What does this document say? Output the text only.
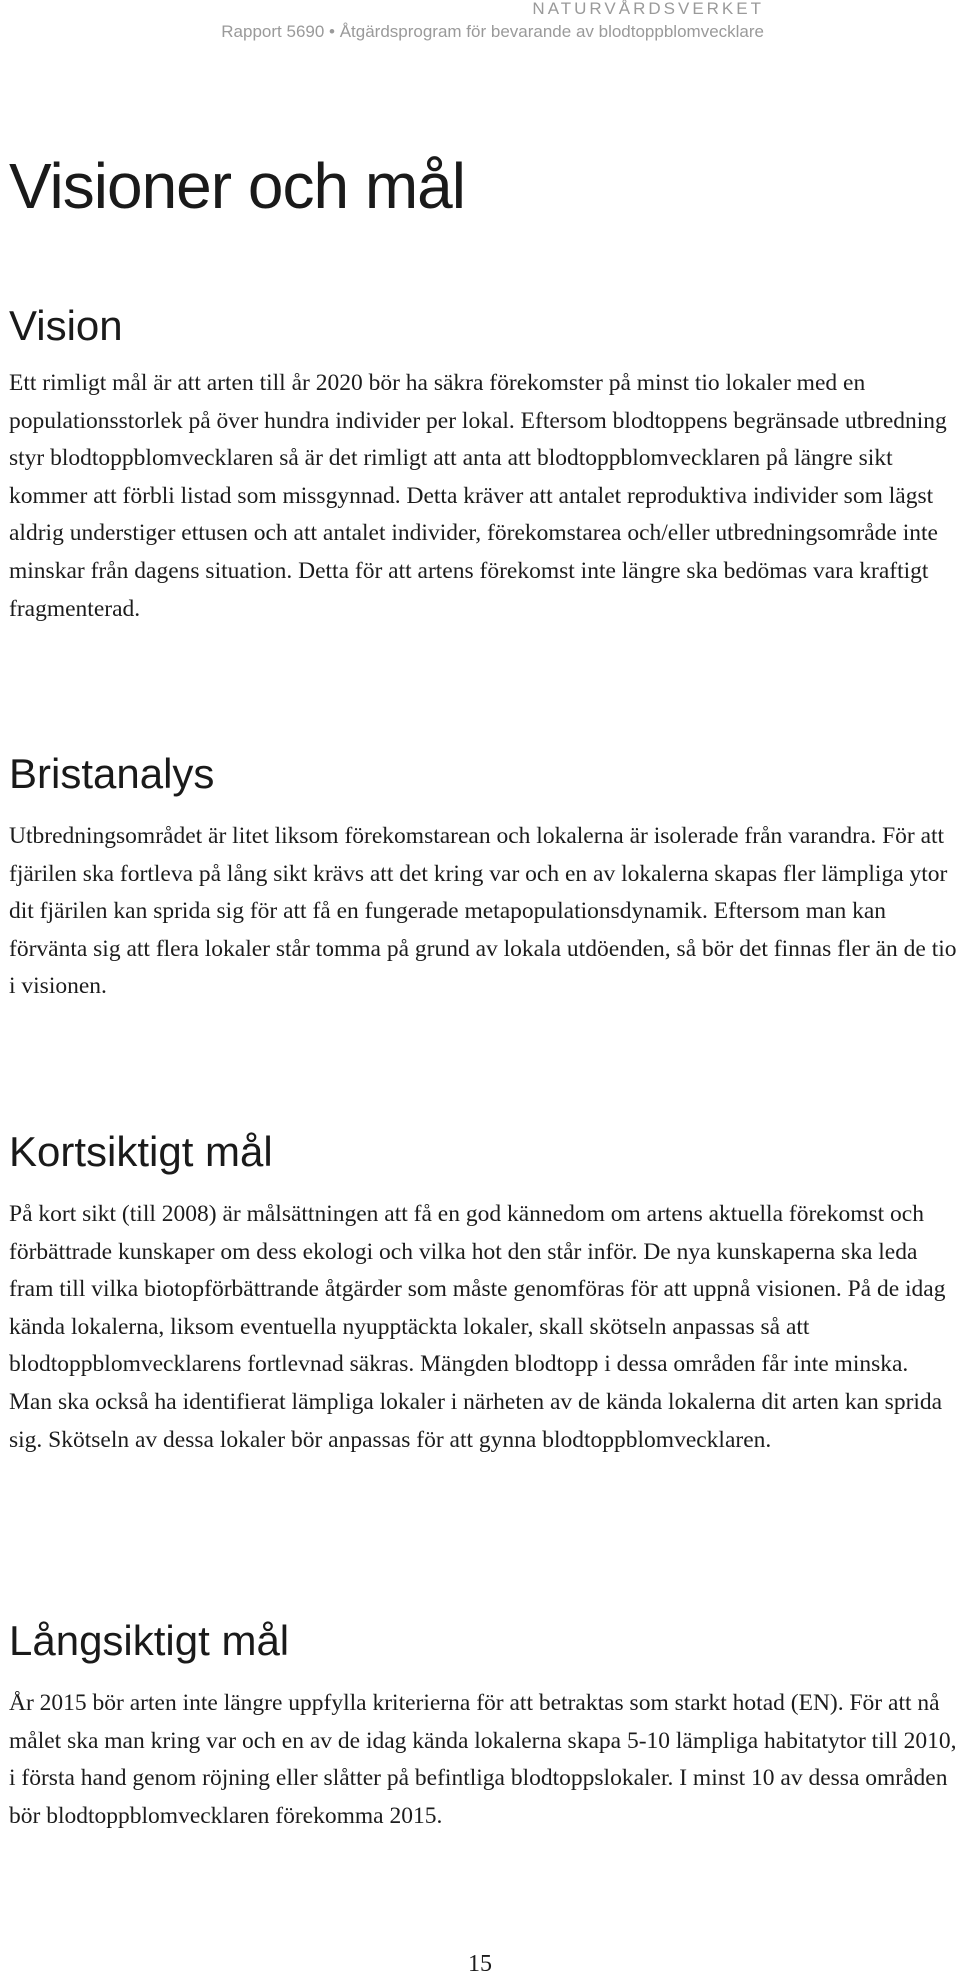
NATURVÅRDSVERKET
Rapport 5690 • Åtgärdsprogram för bevarande av blodtoppblomvecklare
Visioner och mål
Vision

Ett rimligt mål är att arten till år 2020 bör ha säkra förekomster på minst tio lokaler med en populationsstorlek på över hundra individer per lokal. Eftersom blodtoppens begränsade utbredning styr blodtoppblomvecklaren så är det rimligt att anta att blodtoppblomvecklaren på längre sikt kommer att förbli listad som missgynnad. Detta kräver att antalet reproduktiva individer som lägst aldrig understiger ettusen och att antalet individer, förekomstarea och/eller utbredningsområde inte minskar från dagens situation. Detta för att artens förekomst inte längre ska bedömas vara kraftigt fragmenterad.

Bristanalys

Utbredningsområdet är litet liksom förekomstarean och lokalerna är isolerade från varandra. För att fjärilen ska fortleva på lång sikt krävs att det kring var och en av lokalerna skapas fler lämpliga ytor dit fjärilen kan sprida sig för att få en fungerade metapopulationsdynamik. Eftersom man kan förvänta sig att flera lokaler står tomma på grund av lokala utdöenden, så bör det finnas fler än de tio i visionen.

Kortsiktigt mål

På kort sikt (till 2008) är målsättningen att få en god kännedom om artens aktuella förekomst och förbättrade kunskaper om dess ekologi och vilka hot den står inför. De nya kunskaperna ska leda fram till vilka biotopförbättrande åtgärder som måste genomföras för att uppnå visionen. På de idag kända lokalerna, liksom eventuella nyupptäckta lokaler, skall skötseln anpassas så att blodtoppblomvecklarens fortlevnad säkras. Mängden blodtopp i dessa områden får inte minska. Man ska också ha identifierat lämpliga lokaler i närheten av de kända lokalerna dit arten kan sprida sig. Skötseln av dessa lokaler bör anpassas för att gynna blodtoppblomvecklaren.

Långsiktigt mål

År 2015 bör arten inte längre uppfylla kriterierna för att betraktas som starkt hotad (EN). För att nå målet ska man kring var och en av de idag kända lokalerna skapa 5-10 lämpliga habitatytor till 2010, i första hand genom röjning eller slåtter på befintliga blodtoppslokaler. I minst 10 av dessa områden bör blodtoppblomvecklaren förekomma 2015.

15
